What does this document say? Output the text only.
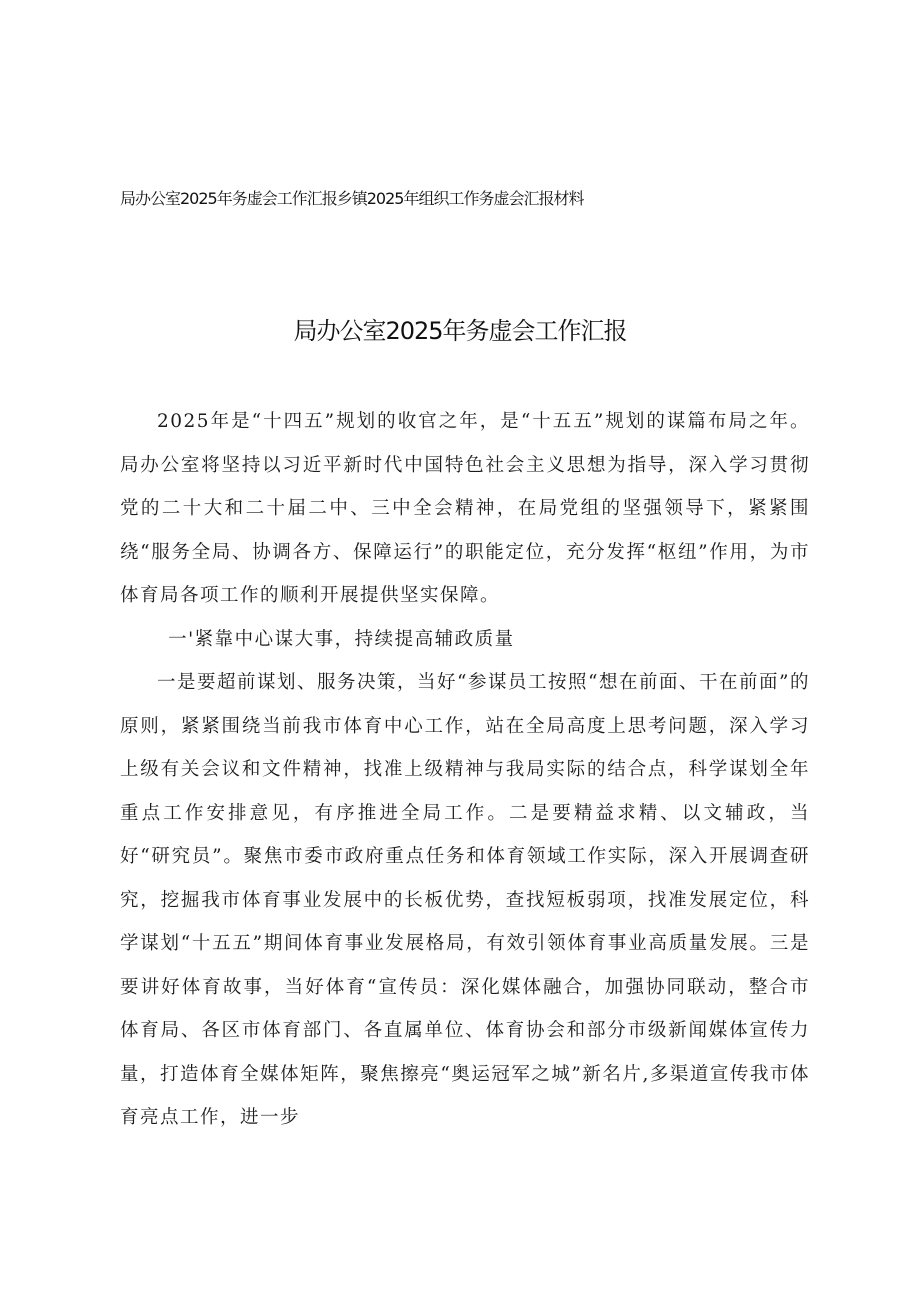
局办公室2025年务虚会工作汇报乡镇2025年组织工作务虚会汇报材料
局办公室2025年务虚会工作汇报

2025年是“十四五”规划的收官之年，是“十五五”规划的谋篇布局之年。局办公室将坚持以习近平新时代中国特色社会主义思想为指导，深入学习贯彻党的二十大和二十届二中、三中全会精神，在局党组的坚强领导下，紧紧围绕“服务全局、协调各方、保障运行”的职能定位，充分发挥“枢纽”作用，为市体育局各项工作的顺利开展提供坚实保障。

一'紧靠中心谋大事，持续提高辅政质量

一是要超前谋划、服务决策，当好“参谋员工按照“想在前面、干在前面”的原则，紧紧围绕当前我市体育中心工作，站在全局高度上思考问题，深入学习上级有关会议和文件精神，找准上级精神与我局实际的结合点，科学谋划全年重点工作安排意见，有序推进全局工作。二是要精益求精、以文辅政，当好“研究员”。聚焦市委市政府重点任务和体育领域工作实际，深入开展调查研究，挖掘我市体育事业发展中的长板优势，查找短板弱项，找准发展定位，科学谋划“十五五”期间体育事业发展格局，有效引领体育事业高质量发展。三是要讲好体育故事，当好体育“宣传员：深化媒体融合，加强协同联动，整合市体育局、各区市体育部门、各直属单位、体育协会和部分市级新闻媒体宣传力量，打造体育全媒体矩阵，聚焦擦亮“奥运冠军之城”新名片,多渠道宣传我市体育亮点工作，进一步
